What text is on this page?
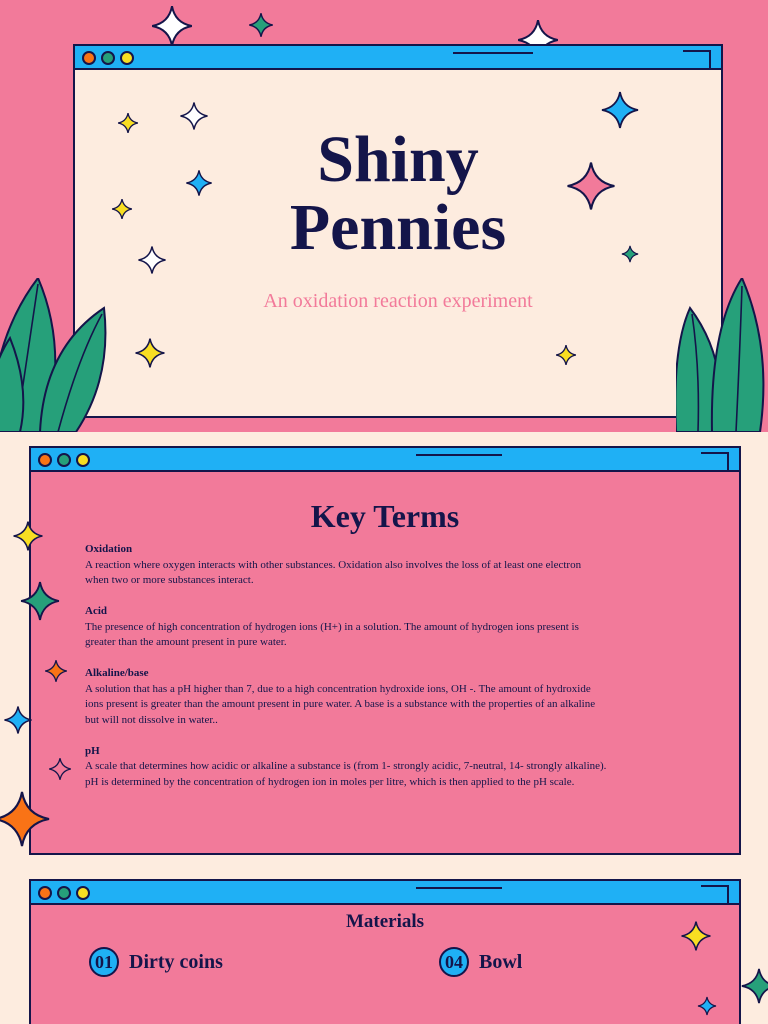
Shiny
Pennies
An oxidation reaction experiment
Key Terms
Oxidation
A reaction where oxygen interacts with other substances. Oxidation also involves the loss of at least one electron
when two or more substances interact.
Acid
The presence of high concentration of hydrogen ions (H+) in a solution. The amount of hydrogen ions present is
greater than the amount present in pure water.
Alkaline/base
A solution that has a pH higher than 7, due to a high concentration hydroxide ions, OH -. The amount of hydroxide
ions present is greater than the amount present in pure water. A base is a substance with the properties of an alkaline
but will not dissolve in water..
pH
A scale that determines how acidic or alkaline a substance is (from 1- strongly acidic, 7-neutral, 14- strongly alkaline).
pH is determined by the concentration of hydrogen ion in moles per litre, which is then applied to the pH scale.
Materials
01 Dirty coins	04 Bowl
